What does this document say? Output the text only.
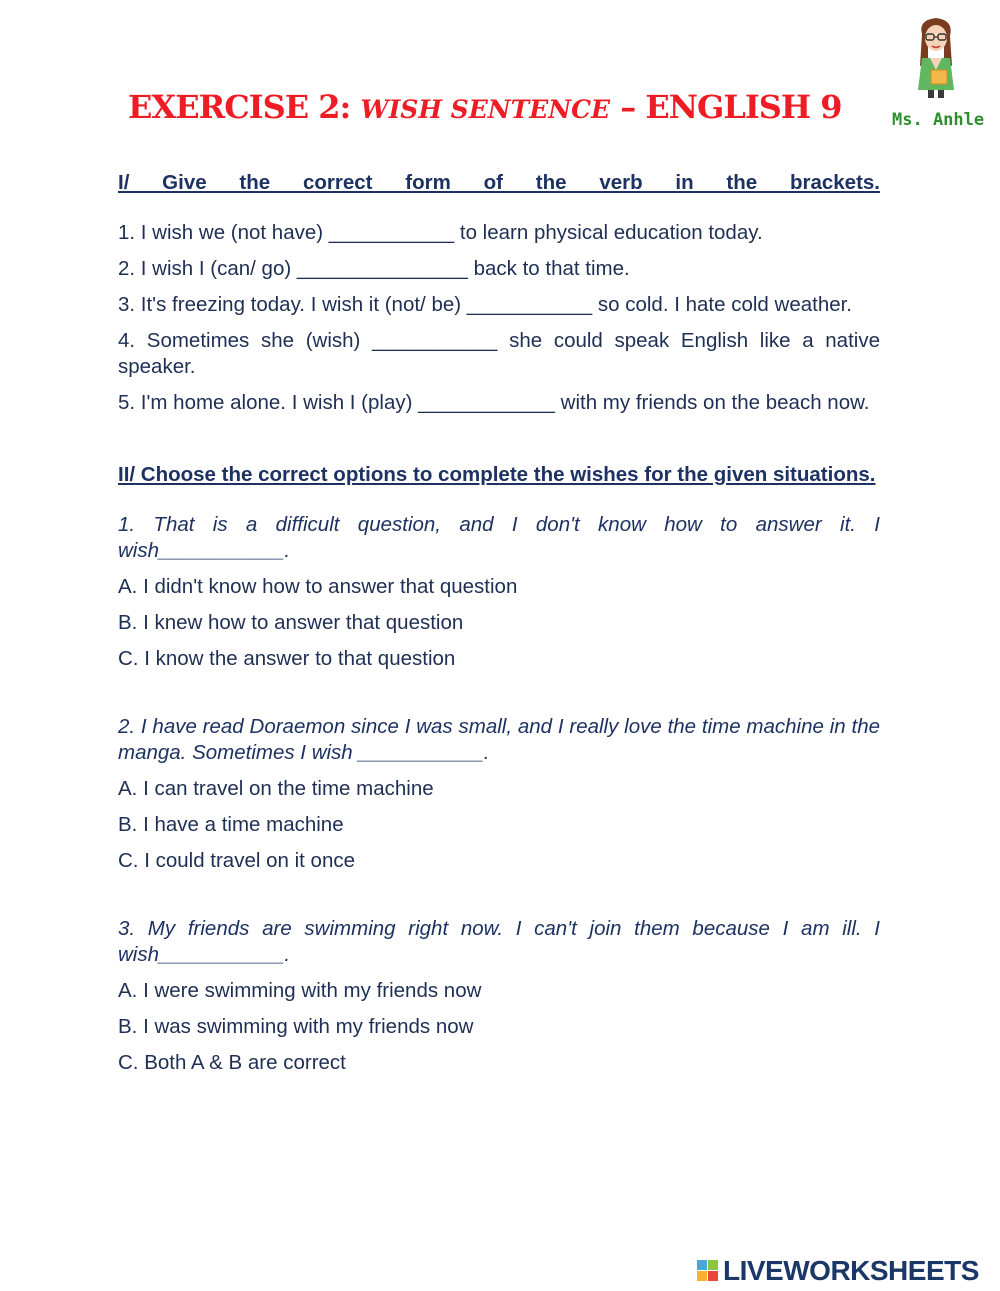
EXERCISE 2: WISH SENTENCE – ENGLISH 9	Ms. Anhle

I/ Give the correct form of the verb in the brackets.

1. I wish we (not have) ___________ to learn physical education today.

2. I wish I (can/ go) _______________ back to that time.

3. It's freezing today. I wish it (not/ be) ___________ so cold. I hate cold weather.

4. Sometimes she (wish) ___________ she could speak English like a native speaker.

5. I'm home alone. I wish I (play) ____________ with my friends on the beach now.

II/ Choose the correct options to complete the wishes for the given situations.

1. That is a difficult question, and I don't know how to answer it. I wish___________.

A. I didn't know how to answer that question

B. I knew how to answer that question

C. I know the answer to that question

2. I have read Doraemon since I was small, and I really love the time machine in the manga. Sometimes I wish ___________.

A. I can travel on the time machine

B. I have a time machine

C. I could travel on it once

3. My friends are swimming right now. I can't join them because I am ill. I wish___________.

A. I were swimming with my friends now

B. I was swimming with my friends now

C. Both A & B are correct

LIVEWORKSHEETS
